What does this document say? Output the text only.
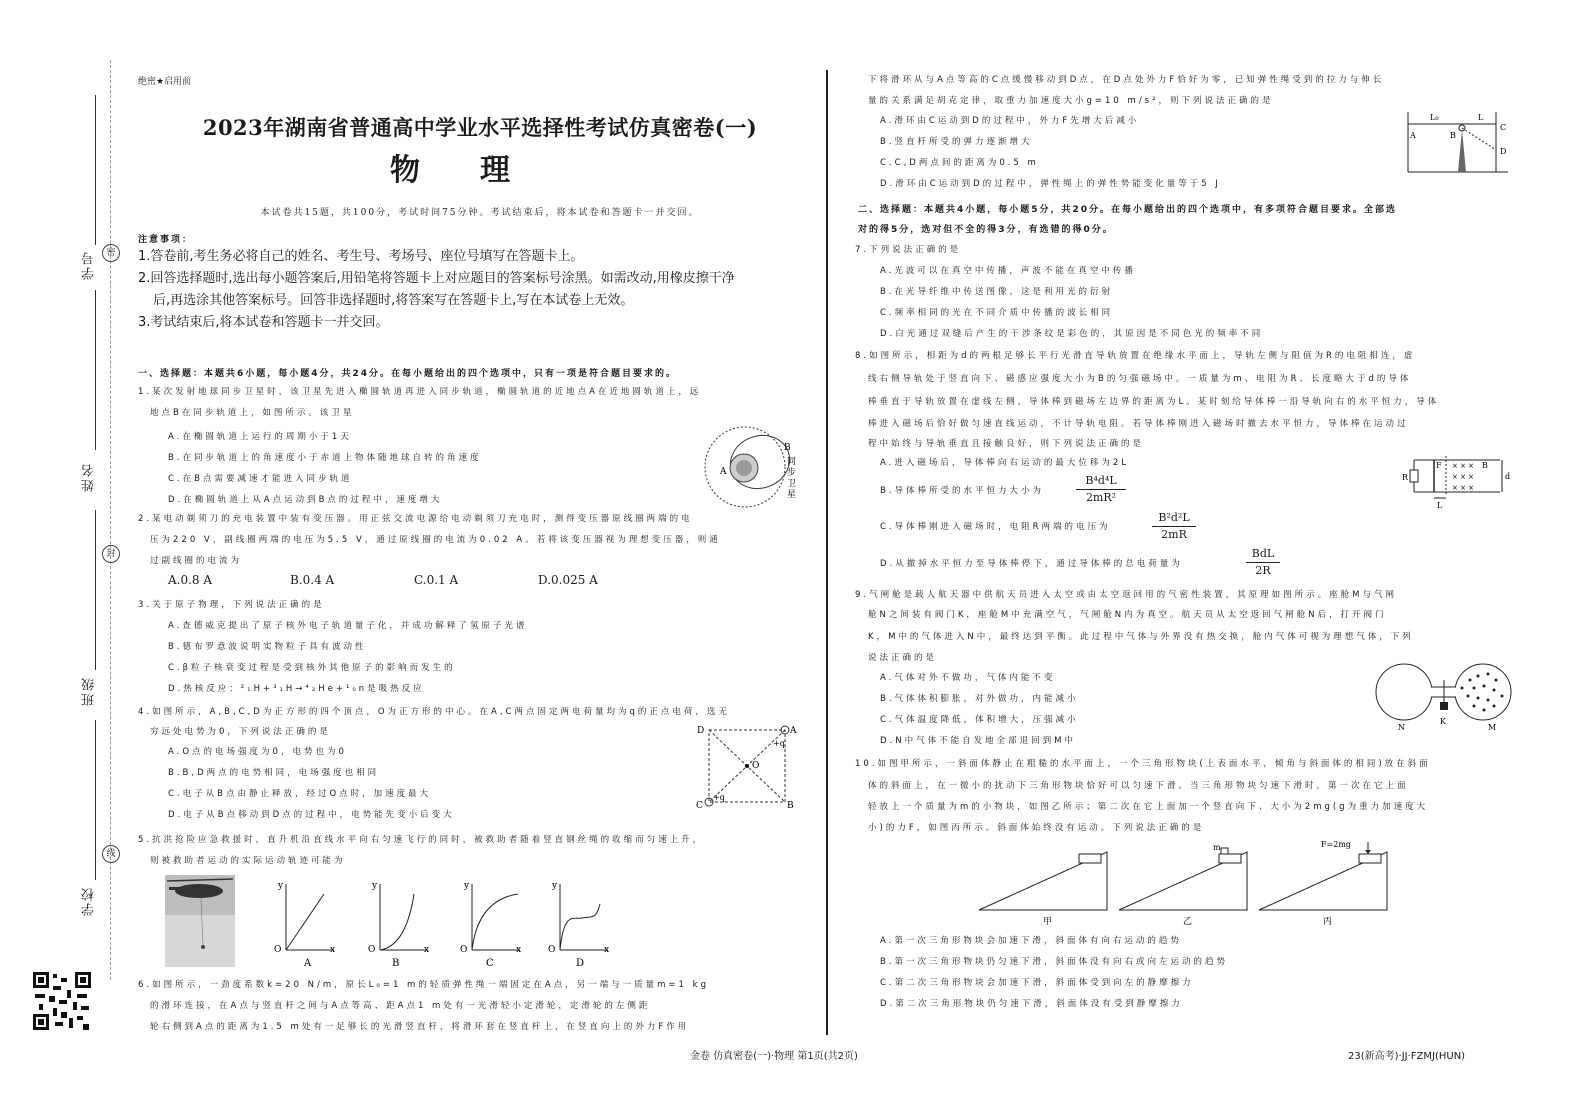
学号	密
姓名
封
班级
线
学校
绝密★启用前
2023年湖南省普通高中学业水平选择性考试仿真密卷(一)
物理
本试卷共15题，共100分，考试时间75分钟。考试结束后，将本试卷和答题卡一并交回。
注意事项：
1.答卷前,考生务必将自己的姓名、考生号、考场号、座位号填写在答题卡上。
2.回答选择题时,选出每小题答案后,用铅笔将答题卡上对应题目的答案标号涂黑。如需改动,用橡皮擦干净
后,再选涂其他答案标号。回答非选择题时,将答案写在答题卡上,写在本试卷上无效。
3.考试结束后,将本试卷和答题卡一并交回。
一、选择题：本题共6小题，每小题4分，共24分。在每小题给出的四个选项中，只有一项是符合题目要求的。
1.某次发射地球同步卫星时，该卫星先进入椭圆轨道再进入同步轨道，椭圆轨道的近地点A在近地圆轨道上，远
地点B在同步轨道上，如图所示。该卫星
A.在椭圆轨道上运行的周期小于1天
B.在同步轨道上的角速度小于赤道上物体随地球自转的角速度
C.在B点需要减速才能进入同步轨道
D.在椭圆轨道上从A点运动到B点的过程中，速度增大
A
B
同
步
卫
星
2.某电动剃须刀的充电装置中装有变压器。用正弦交流电源给电动剃须刀充电时，测得变压器原线圈两端的电
压为220 V，副线圈两端的电压为5.5 V，通过原线圈的电流为0.02 A。若将该变压器视为理想变压器，则通
过副线圈的电流为
A.0.8 A	B.0.4 A	C.0.1 A	D.0.025 A
3.关于原子物理，下列说法正确的是
A.查德威克提出了原子核外电子轨道量子化，并成功解释了氢原子光谱
B.德布罗意波说明实物粒子具有波动性
C.β粒子核衰变过程是受到核外其他原子的影响而发生的
D.热核反应：²₁H+³₁H→⁴₂He+¹₀n是吸热反应
4.如图所示，A,B,C,D为正方形的四个顶点，O为正方形的中心。在A,C两点固定两电荷量均为q的正点电荷，选无
穷远处电势为0，下列说法正确的是
A.O点的电场强度为0，电势也为0
B.B,D两点的电势相同，电场强度也相同
C.电子从B点由静止释放，经过O点时，加速度最大
D.电子从B点移动到D点的过程中，电势能先变小后变大
D	A
O
C	B
+q
+q
5.抗洪抢险应急救援时，直升机沿直线水平向右匀速飞行的同时，被救助者随着竖直钢丝绳的收缩而匀速上升，
则被救助者运动的实际运动轨迹可能为
y
O	x
A
y
O	x
B
y
O	x
C
y
O	x
D
6.如图所示，一劲度系数k=20 N/m，原长L₀=1 m的轻质弹性绳一端固定在A点，另一端与一质量m=1 kg
的滑环连接，在A点与竖直杆之间与A点等高、距A点1 m处有一光滑轻小定滑轮，定滑轮的左侧距
轮右侧到A点的距离为1.5 m处有一足够长的光滑竖直杆，将滑环套在竖直杆上，在竖直向上的外力F作用
下将滑环从与A点等高的C点缓慢移动到D点，在D点处外力F恰好为零，已知弹性绳受到的拉力与伸长
量的关系满足胡克定律，取重力加速度大小g=10 m/s²，则下列说法正确的是
A.滑环由C运动到D的过程中，外力F先增大后减小
B.竖直杆所受的弹力逐渐增大
C.C,D两点间的距离为0.5 m
D.滑环由C运动到D的过程中，弹性绳上的弹性势能变化量等于5 J
L₀	L
A	B
C
D
二、选择题：本题共4小题，每小题5分，共20分。在每小题给出的四个选项中，有多项符合题目要求。全部选
对的得5分，选对但不全的得3分，有选错的得0分。
7.下列说法正确的是
A.光波可以在真空中传播，声波不能在真空中传播
B.在光导纤维中传送图像，这是利用光的衍射
C.频率相同的光在不同介质中传播的波长相同
D.白光通过双缝后产生的干涉条纹是彩色的，其原因是不同色光的频率不同
8.如图所示，相距为d的两根足够长平行光滑直导轨放置在绝缘水平面上，导轨左侧与阻值为R的电阻相连，虚
线右侧导轨处于竖直向下、磁感应强度大小为B的匀强磁场中。一质量为m、电阻为R、长度略大于d的导体
棒垂直于导轨放置在虚线左侧，导体棒到磁场左边界的距离为L。某时刻给导体棒一沿导轨向右的水平恒力，导体
棒进入磁场后恰好做匀速直线运动，不计导轨电阻。若导体棒刚进入磁场时撤去水平恒力，导体棒在运动过
程中始终与导轨垂直且接触良好，则下列说法正确的是
A.进入磁场后，导体棒向右运动的最大位移为2L
B.导体棒所受的水平恒力大小为
B⁴d⁴L
2mR²
C.导体棒刚进入磁场时，电阻R两端的电压为
B²d²L
2mR
D.从撤掉水平恒力至导体棒停下，通过导体棒的总电荷量为
BdL
2R
× × ×
× × ×
× × ×
R
F	B
d
L
9.气闸舱是载人航天器中供航天员进入太空或由太空返回用的气密性装置，其原理如图所示。座舱M与气闸
舱N之间装有阀门K，座舱M中充满空气，气闸舱N内为真空。航天员从太空返回气闸舱N后，打开阀门
K，M中的气体进入N中，最终达到平衡。此过程中气体与外界没有热交换，舱内气体可视为理想气体，下列
说法正确的是
A.气体对外不做功，气体内能不变
B.气体体积膨胀，对外做功，内能减小
C.气体温度降低，体积增大，压强减小
D.N中气体不能自发地全部退回到M中
N
K
M
10.如图甲所示，一斜面体静止在粗糙的水平面上，一个三角形物块(上表面水平，倾角与斜面体的相同)放在斜面
体的斜面上，在一微小的扰动下三角形物块恰好可以匀速下滑。当三角形物块匀速下滑时，第一次在它上面
轻放上一个质量为m的小物块，如图乙所示；第二次在它上面加一个竖直向下、大小为2mg(g为重力加速度大
小)的力F，如图丙所示。斜面体始终没有运动。下列说法正确的是
甲
m
乙
F=2mg
丙
A.第一次三角形物块会加速下滑，斜面体有向右运动的趋势
B.第一次三角形物块仍匀速下滑，斜面体没有向右或向左运动的趋势
C.第二次三角形物块会加速下滑，斜面体受到向左的静摩擦力
D.第二次三角形物块仍匀速下滑，斜面体没有受到静摩擦力
金卷 仿真密卷(一)·物理 第1页(共2页)	23(新高考)·JJ·FZMJ(HUN)
